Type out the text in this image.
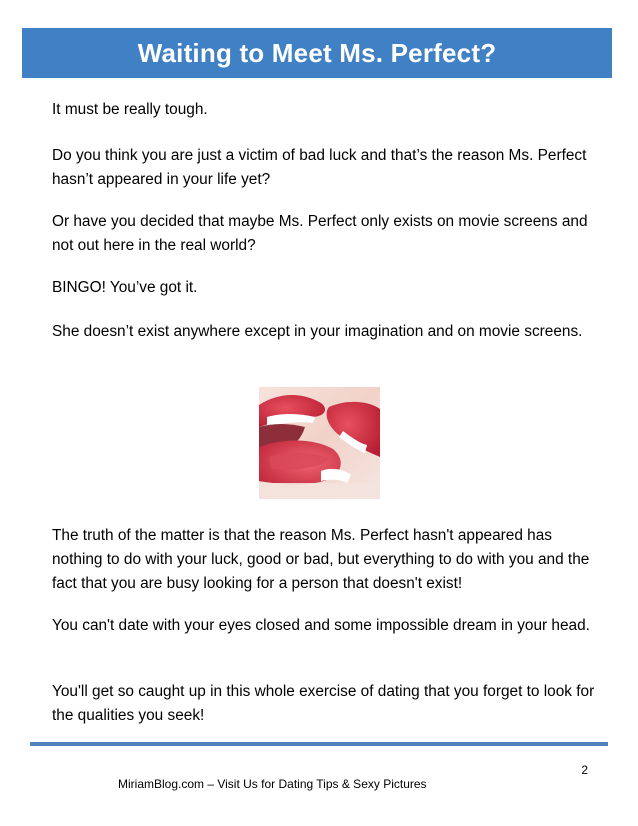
Waiting to Meet Ms. Perfect?

It must be really tough.

Do you think you are just a victim of bad luck and that’s the reason Ms. Perfect hasn’t appeared in your life yet?

Or have you decided that maybe Ms. Perfect only exists on movie screens and not out here in the real world?

BINGO! You’ve got it.

She doesn’t exist anywhere except in your imagination and on movie screens.

The truth of the matter is that the reason Ms. Perfect hasn't appeared has nothing to do with your luck, good or bad, but everything to do with you and the fact that you are busy looking for a person that doesn't exist!

You can't date with your eyes closed and some impossible dream in your head.

You'll get so caught up in this whole exercise of dating that you forget to look for the qualities you seek!

2
MiriamBlog.com – Visit Us for Dating Tips & Sexy Pictures
